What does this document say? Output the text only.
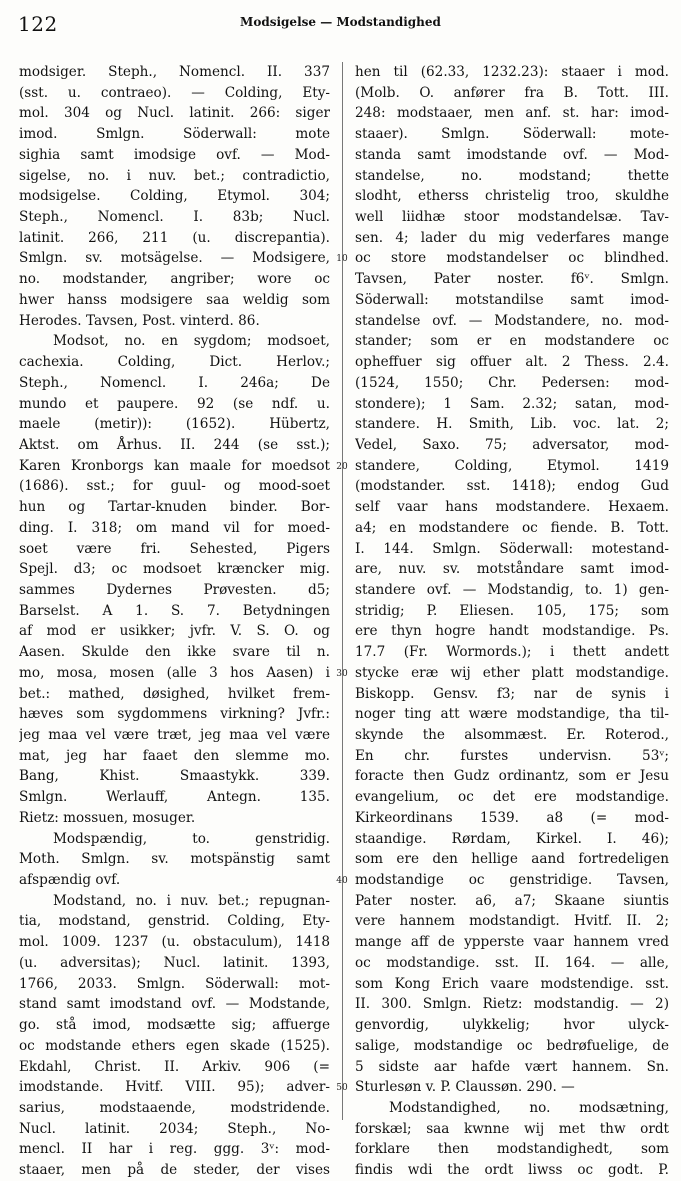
122	Modsigelse — Modstandighed
modsiger. Steph., Nomencl. II. 337
(sst. u. contraeo). — Colding, Ety-
mol. 304 og Nucl. latinit. 266: siger
imod. Smlgn. Söderwall: mote
sighia samt imodsige ovf. — Mod-
sigelse, no. i nuv. bet.; contradictio,
modsigelse. Colding, Etymol. 304;
Steph., Nomencl. I. 83b; Nucl.
latinit. 266, 211 (u. discrepantia).
Smlgn. sv. motsägelse. — Modsigere,
no. modstander, angriber; wore oc
hwer hanss modsigere saa weldig som
Herodes. Tavsen, Post. vinterd. 86.
Modsot, no. en sygdom; modsoet,
cachexia. Colding, Dict. Herlov.;
Steph., Nomencl. I. 246a; De
mundo et paupere. 92 (se ndf. u.
maele (metir)): (1652). Hübertz,
Aktst. om Århus. II. 244 (se sst.);
Karen Kronborgs kan maale for moedsot
(1686). sst.; for guul- og mood-soet
hun og Tartar-knuden binder. Bor-
ding. I. 318; om mand vil for moed-
soet være fri. Sehested, Pigers
Spejl. d3; oc modsoet kræncker mig.
sammes Dydernes Prøvesten. d5;
Barselst. A 1. S. 7. Betydningen
af mod er usikker; jvfr. V. S. O. og
Aasen. Skulde den ikke svare til n.
mo, mosa, mosen (alle 3 hos Aasen) i
bet.: mathed, døsighed, hvilket frem-
hæves som sygdommens virkning? Jvfr.:
jeg maa vel være træt, jeg maa vel være
mat, jeg har faaet den slemme mo.
Bang, Khist. Smaastykk. 339.
Smlgn. Werlauff, Antegn. 135.
Rietz: mossuen, mosuger.
Modspændig, to. genstridig.
Moth. Smlgn. sv. motspänstig samt
afspændig ovf.
Modstand, no. i nuv. bet.; repugnan-
tia, modstand, genstrid. Colding, Ety-
mol. 1009. 1237 (u. obstaculum), 1418
(u. adversitas); Nucl. latinit. 1393,
1766, 2033. Smlgn. Söderwall: mot-
stand samt imodstand ovf. — Modstande,
go. stå imod, modsætte sig; affuerge
oc modstande ethers egen skade (1525).
Ekdahl, Christ. II. Arkiv. 906 (=
imodstande. Hvitf. VIII. 95); adver-
sarius, modstaaende, modstridende.
Nucl. latinit. 2034; Steph., No-
mencl. II har i reg. ggg. 3ᵛ: mod-
staaer, men på de steder, der vises
10
20
30
40
50
hen til (62.33, 1232.23): staaer i mod.
(Molb. O. anfører fra B. Tott. III.
248: modstaaer, men anf. st. har: imod-
staaer). Smlgn. Söderwall: mote-
standa samt imodstande ovf. — Mod-
standelse, no. modstand; thette
slodht, etherss christelig troo, skuldhe
well liidhæ stoor modstandelsæ. Tav-
sen. 4; lader du mig vederfares mange
oc store modstandelser oc blindhed.
Tavsen, Pater noster. f6ᵛ. Smlgn.
Söderwall: motstandilse samt imod-
standelse ovf. — Modstandere, no. mod-
stander; som er en modstandere oc
opheffuer sig offuer alt. 2 Thess. 2.4.
(1524, 1550; Chr. Pedersen: mod-
stondere); 1 Sam. 2.32; satan, mod-
standere. H. Smith, Lib. voc. lat. 2;
Vedel, Saxo. 75; adversator, mod-
standere, Colding, Etymol. 1419
(modstander. sst. 1418); endog Gud
self vaar hans modstandere. Hexaem.
a4; en modstandere oc fiende. B. Tott.
I. 144. Smlgn. Söderwall: motestand-
are, nuv. sv. motståndare samt imod-
standere ovf. — Modstandig, to. 1) gen-
stridig; P. Eliesen. 105, 175; som
ere thyn hogre handt modstandige. Ps.
17.7 (Fr. Wormords.); i thett andett
stycke eræ wij ether platt modstandige.
Biskopp. Gensv. f3; nar de synis i
noger ting att wære modstandige, tha til-
skynde the alsommæst. Er. Roterod.,
En chr. furstes undervisn. 53ᵛ;
foracte then Gudz ordinantz, som er Jesu
evangelium, oc det ere modstandige.
Kirkeordinans 1539. a8 (= mod-
staandige. Rørdam, Kirkel. I. 46);
som ere den hellige aand fortredeligen
modstandige oc genstridige. Tavsen,
Pater noster. a6, a7; Skaane siuntis
vere hannem modstandigt. Hvitf. II. 2;
mange aff de ypperste vaar hannem vred
oc modstandige. sst. II. 164. — alle,
som Kong Erich vaare modstendige. sst.
II. 300. Smlgn. Rietz: modstandig. — 2)
genvordig, ulykkelig; hvor ulyck-
salige, modstandige oc bedrøfuelige, de
5 sidste aar hafde vært hannem. Sn.
Sturlesøn v. P. Claussøn. 290. —
Modstandighed, no. modsætning,
forskæl; saa kwnne wij met thw ordt
forklare then modstandighedt, som
findis wdi the ordt liwss oc godt. P.
